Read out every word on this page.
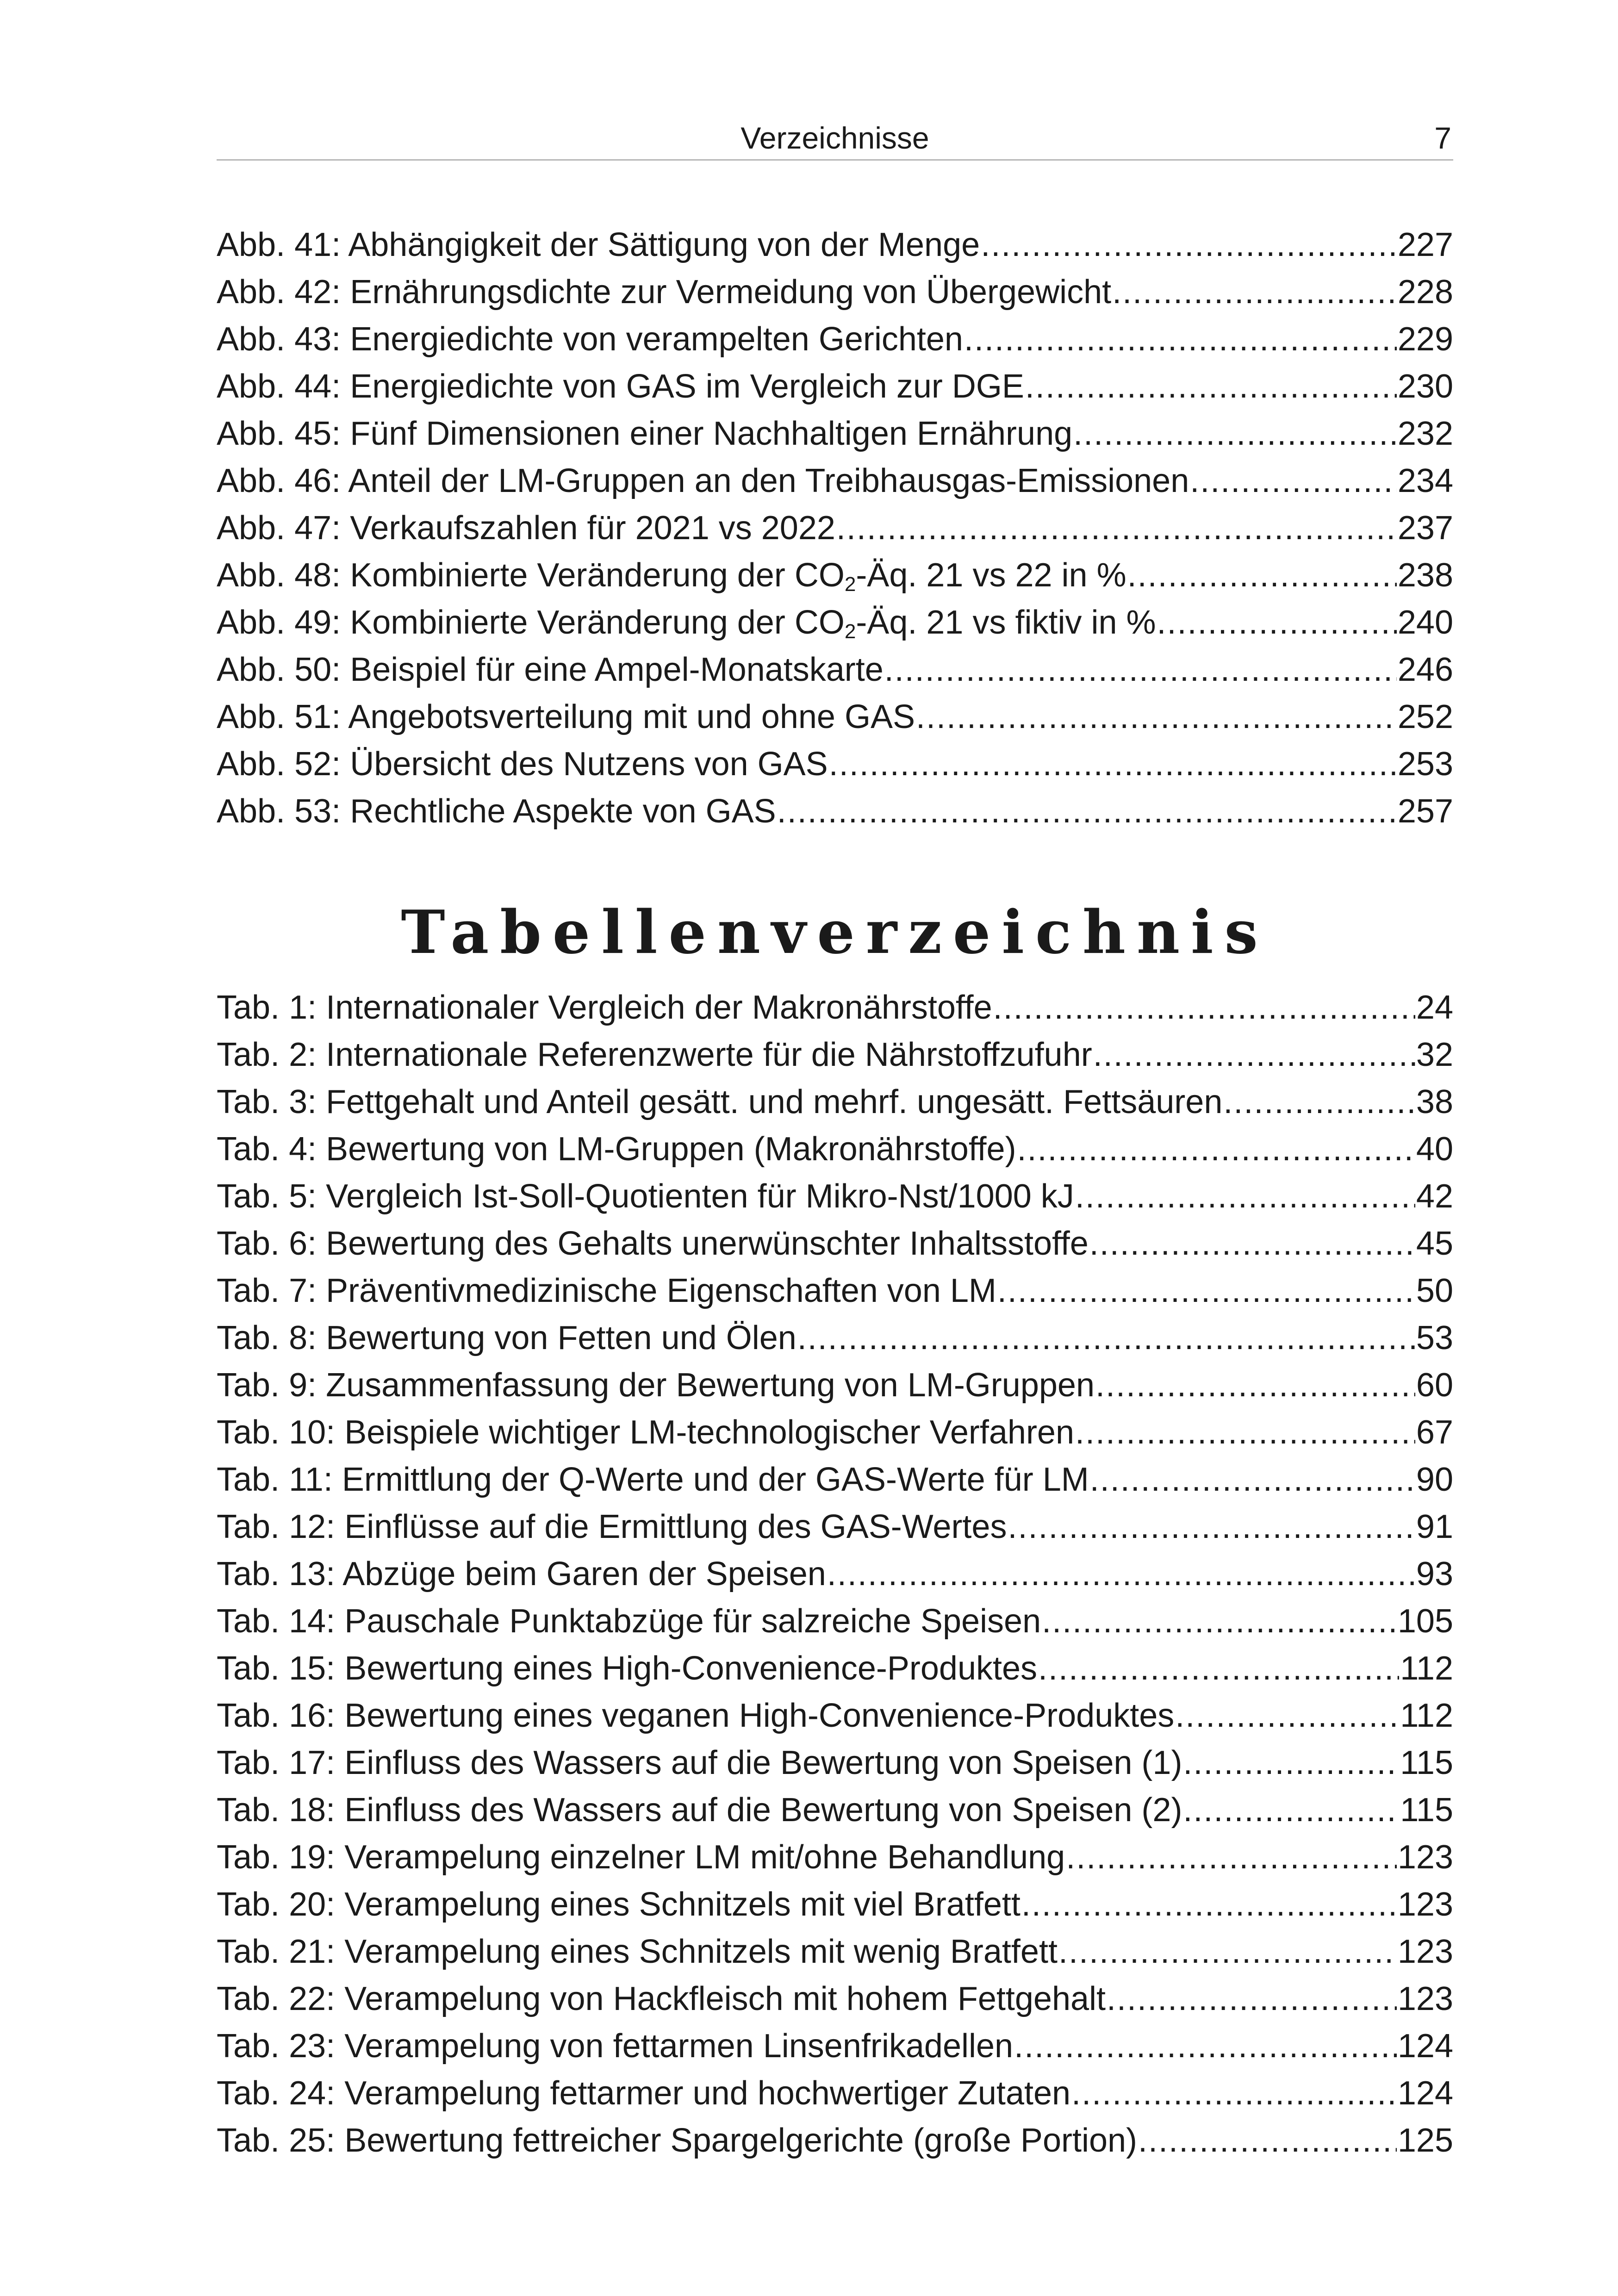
Verzeichnisse	7
Abb. 41: Abhängigkeit der Sättigung von der Menge .....	227
Abb. 42: Ernährungsdichte zur Vermeidung von Übergewicht .....	228
Abb. 43: Energiedichte von verampelten Gerichten .....	229
Abb. 44: Energiedichte von GAS im Vergleich zur DGE .....	230
Abb. 45: Fünf Dimensionen einer Nachhaltigen Ernährung .....	232
Abb. 46: Anteil der LM-Gruppen an den Treibhausgas-Emissionen .....	234
Abb. 47: Verkaufszahlen für 2021 vs 2022 .....	237
Abb. 48: Kombinierte Veränderung der $CO_2-Äq$. 21 vs 22 in % .....	238
Abb. 49: Kombinierte Veränderung der $CO_2-Äq$. 21 vs fiktiv in % .....	240
Abb. 50: Beispiel für eine Ampel-Monatskarte .....	246
Abb. 51: Angebotsverteilung mit und ohne GAS .....	252
Abb. 52: Übersicht des Nutzens von GAS .....	253
Abb. 53: Rechtliche Aspekte von GAS .....	257
Tabellenverzeichnis
Tab. 1: Internationaler Vergleich der Makronährstoffe .....	24
Tab. 2: Internationale Referenzwerte für die Nährstoffzufuhr .....	32
Tab. 3: Fettgehalt und Anteil gesätt. und mehrf. ungesätt. Fettsäuren .....	38
Tab. 4: Bewertung von LM-Gruppen (Makronährstoffe) .....	40
Tab. 5: Vergleich Ist-Soll-Quotienten für Mikro-Nst/1000 kJ .....	42
Tab. 6: Bewertung des Gehalts unerwünschter Inhaltsstoffe .....	45
Tab. 7: Präventivmedizinische Eigenschaften von LM .....	50
Tab. 8: Bewertung von Fetten und Ölen .....	53
Tab. 9: Zusammenfassung der Bewertung von LM-Gruppen .....	60
Tab. 10: Beispiele wichtiger LM-technologischer Verfahren .....	67
Tab. 11: Ermittlung der Q-Werte und der GAS-Werte für LM .....	90
Tab. 12: Einflüsse auf die Ermittlung des GAS-Wertes .....	91
Tab. 13: Abzüge beim Garen der Speisen .....	93
Tab. 14: Pauschale Punktabzüge für salzreiche Speisen .....	105
Tab. 15: Bewertung eines High-Convenience-Produktes .....	112
Tab. 16: Bewertung eines veganen High-Convenience-Produktes .....	112
Tab. 17: Einfluss des Wassers auf die Bewertung von Speisen (1) .....	115
Tab. 18: Einfluss des Wassers auf die Bewertung von Speisen (2) .....	115
Tab. 19: Verampelung einzelner LM mit/ohne Behandlung .....	123
Tab. 20: Verampelung eines Schnitzels mit viel Bratfett .....	123
Tab. 21: Verampelung eines Schnitzels mit wenig Bratfett .....	123
Tab. 22: Verampelung von Hackfleisch mit hohem Fettgehalt .....	123
Tab. 23: Verampelung von fettarmen Linsenfrikadellen .....	124
Tab. 24: Verampelung fettarmer und hochwertiger Zutaten .....	124
Tab. 25: Bewertung fettreicher Spargelgerichte (große Portion) .....	125
